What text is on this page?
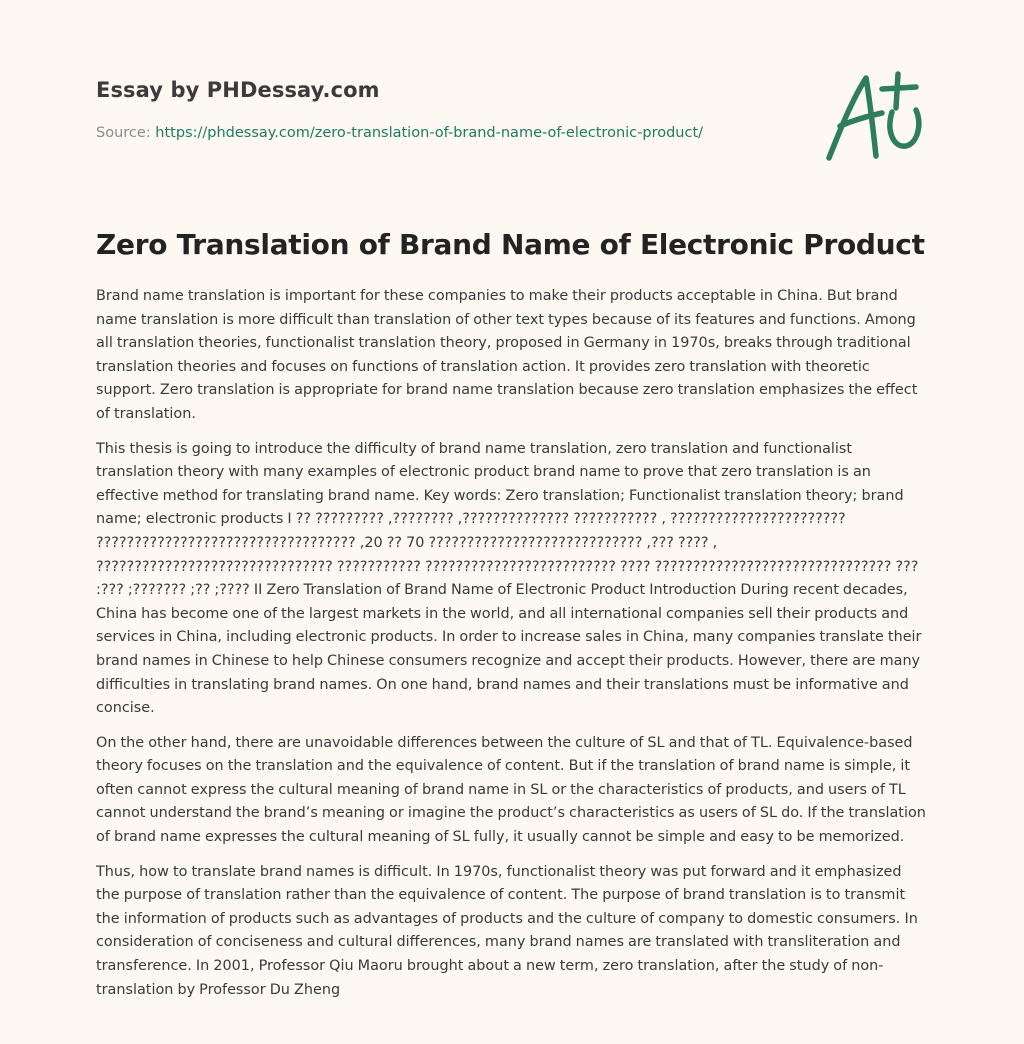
Essay by PHDessay.com
Source: https://phdessay.com/zero-translation-of-brand-name-of-electronic-product/
Zero Translation of Brand Name of Electronic Product

Brand name translation is important for these companies to make their products acceptable in China. But brand name translation is more difficult than translation of other text types because of its features and functions. Among all translation theories, functionalist translation theory, proposed in Germany in 1970s, breaks through traditional translation theories and focuses on functions of translation action. It provides zero translation with theoretic support. Zero translation is appropriate for brand name translation because zero translation emphasizes the effect of translation.

This thesis is going to introduce the difficulty of brand name translation, zero translation and functionalist translation theory with many examples of electronic product brand name to prove that zero translation is an effective method for translating brand name. Key words: Zero translation; Functionalist translation theory; brand name; electronic products I ?? ????????? ,???????? ,?????????????? ??????????? , ??????????????????????? ?????????????????????????????????? ,20 ?? 70 ???????????????????????????? ,??? ???? , ??????????????????????????????? ??????????? ????????????????????????? ???? ??????????????????????????????? ??? :??? ;??????? ;?? ;???? II Zero Translation of Brand Name of Electronic Product Introduction During recent decades, China has become one of the largest markets in the world, and all international companies sell their products and services in China, including electronic products. In order to increase sales in China, many companies translate their brand names in Chinese to help Chinese consumers recognize and accept their products. However, there are many difficulties in translating brand names. On one hand, brand names and their translations must be informative and concise.

On the other hand, there are unavoidable differences between the culture of SL and that of TL. Equivalence-based theory focuses on the translation and the equivalence of content. But if the translation of brand name is simple, it often cannot express the cultural meaning of brand name in SL or the characteristics of products, and users of TL cannot understand the brand’s meaning or imagine the product’s characteristics as users of SL do. If the translation of brand name expresses the cultural meaning of SL fully, it usually cannot be simple and easy to be memorized.

Thus, how to translate brand names is difficult. In 1970s, functionalist theory was put forward and it emphasized the purpose of translation rather than the equivalence of content. The purpose of brand translation is to transmit the information of products such as advantages of products and the culture of company to domestic consumers. In consideration of conciseness and cultural differences, many brand names are translated with transliteration and transference. In 2001, Professor Qiu Maoru brought about a new term, zero translation, after the study of non-translation by Professor Du Zheng
